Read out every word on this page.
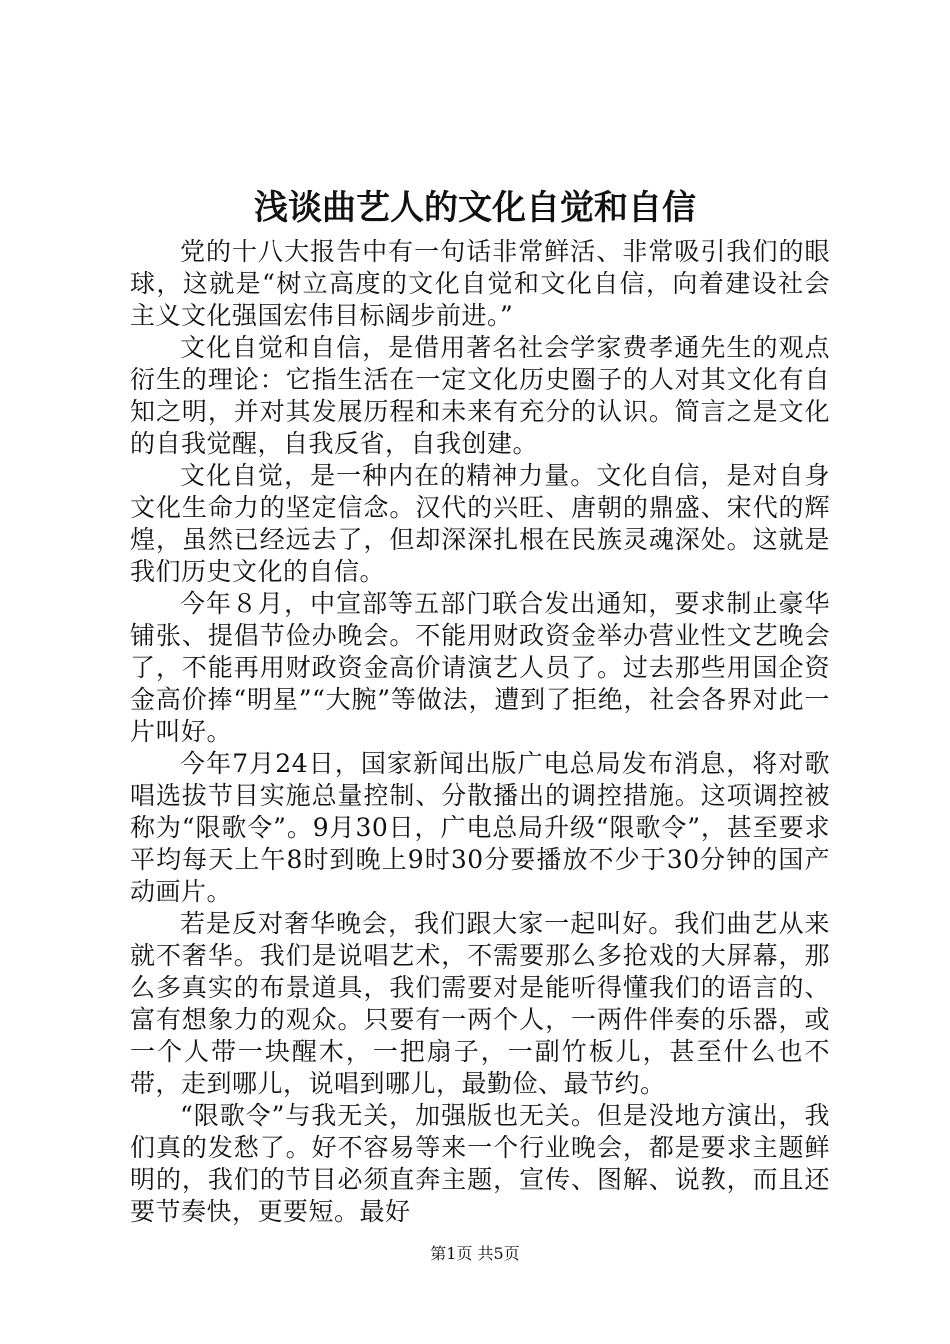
浅谈曲艺人的文化自觉和自信

党的十八大报告中有一句话非常鲜活、非常吸引我们的眼球，这就是“树立高度的文化自觉和文化自信，向着建设社会主义文化强国宏伟目标阔步前进。”

文化自觉和自信，是借用著名社会学家费孝通先生的观点衍生的理论：它指生活在一定文化历史圈子的人对其文化有自知之明，并对其发展历程和未来有充分的认识。简言之是文化的自我觉醒，自我反省，自我创建。

文化自觉，是一种内在的精神力量。文化自信，是对自身文化生命力的坚定信念。汉代的兴旺、唐朝的鼎盛、宋代的辉煌，虽然已经远去了，但却深深扎根在民族灵魂深处。这就是我们历史文化的自信。

今年８月，中宣部等五部门联合发出通知，要求制止豪华铺张、提倡节俭办晚会。不能用财政资金举办营业性文艺晚会了，不能再用财政资金高价请演艺人员了。过去那些用国企资金高价捧“明星”“大腕”等做法，遭到了拒绝，社会各界对此一片叫好。

今年7月24日，国家新闻出版广电总局发布消息，将对歌唱选拔节目实施总量控制、分散播出的调控措施。这项调控被称为“限歌令”。9月30日，广电总局升级“限歌令”，甚至要求平均每天上午8时到晚上9时30分要播放不少于30分钟的国产动画片。

若是反对奢华晚会，我们跟大家一起叫好。我们曲艺从来就不奢华。我们是说唱艺术，不需要那么多抢戏的大屏幕，那么多真实的布景道具，我们需要对是能听得懂我们的语言的、富有想象力的观众。只要有一两个人，一两件伴奏的乐器，或一个人带一块醒木，一把扇子，一副竹板儿，甚至什么也不带，走到哪儿，说唱到哪儿，最勤俭、最节约。

“限歌令”与我无关，加强版也无关。但是没地方演出，我们真的发愁了。好不容易等来一个行业晚会，都是要求主题鲜明的，我们的节目必须直奔主题，宣传、图解、说教，而且还要节奏快，更要短。最好

第1页 共5页
